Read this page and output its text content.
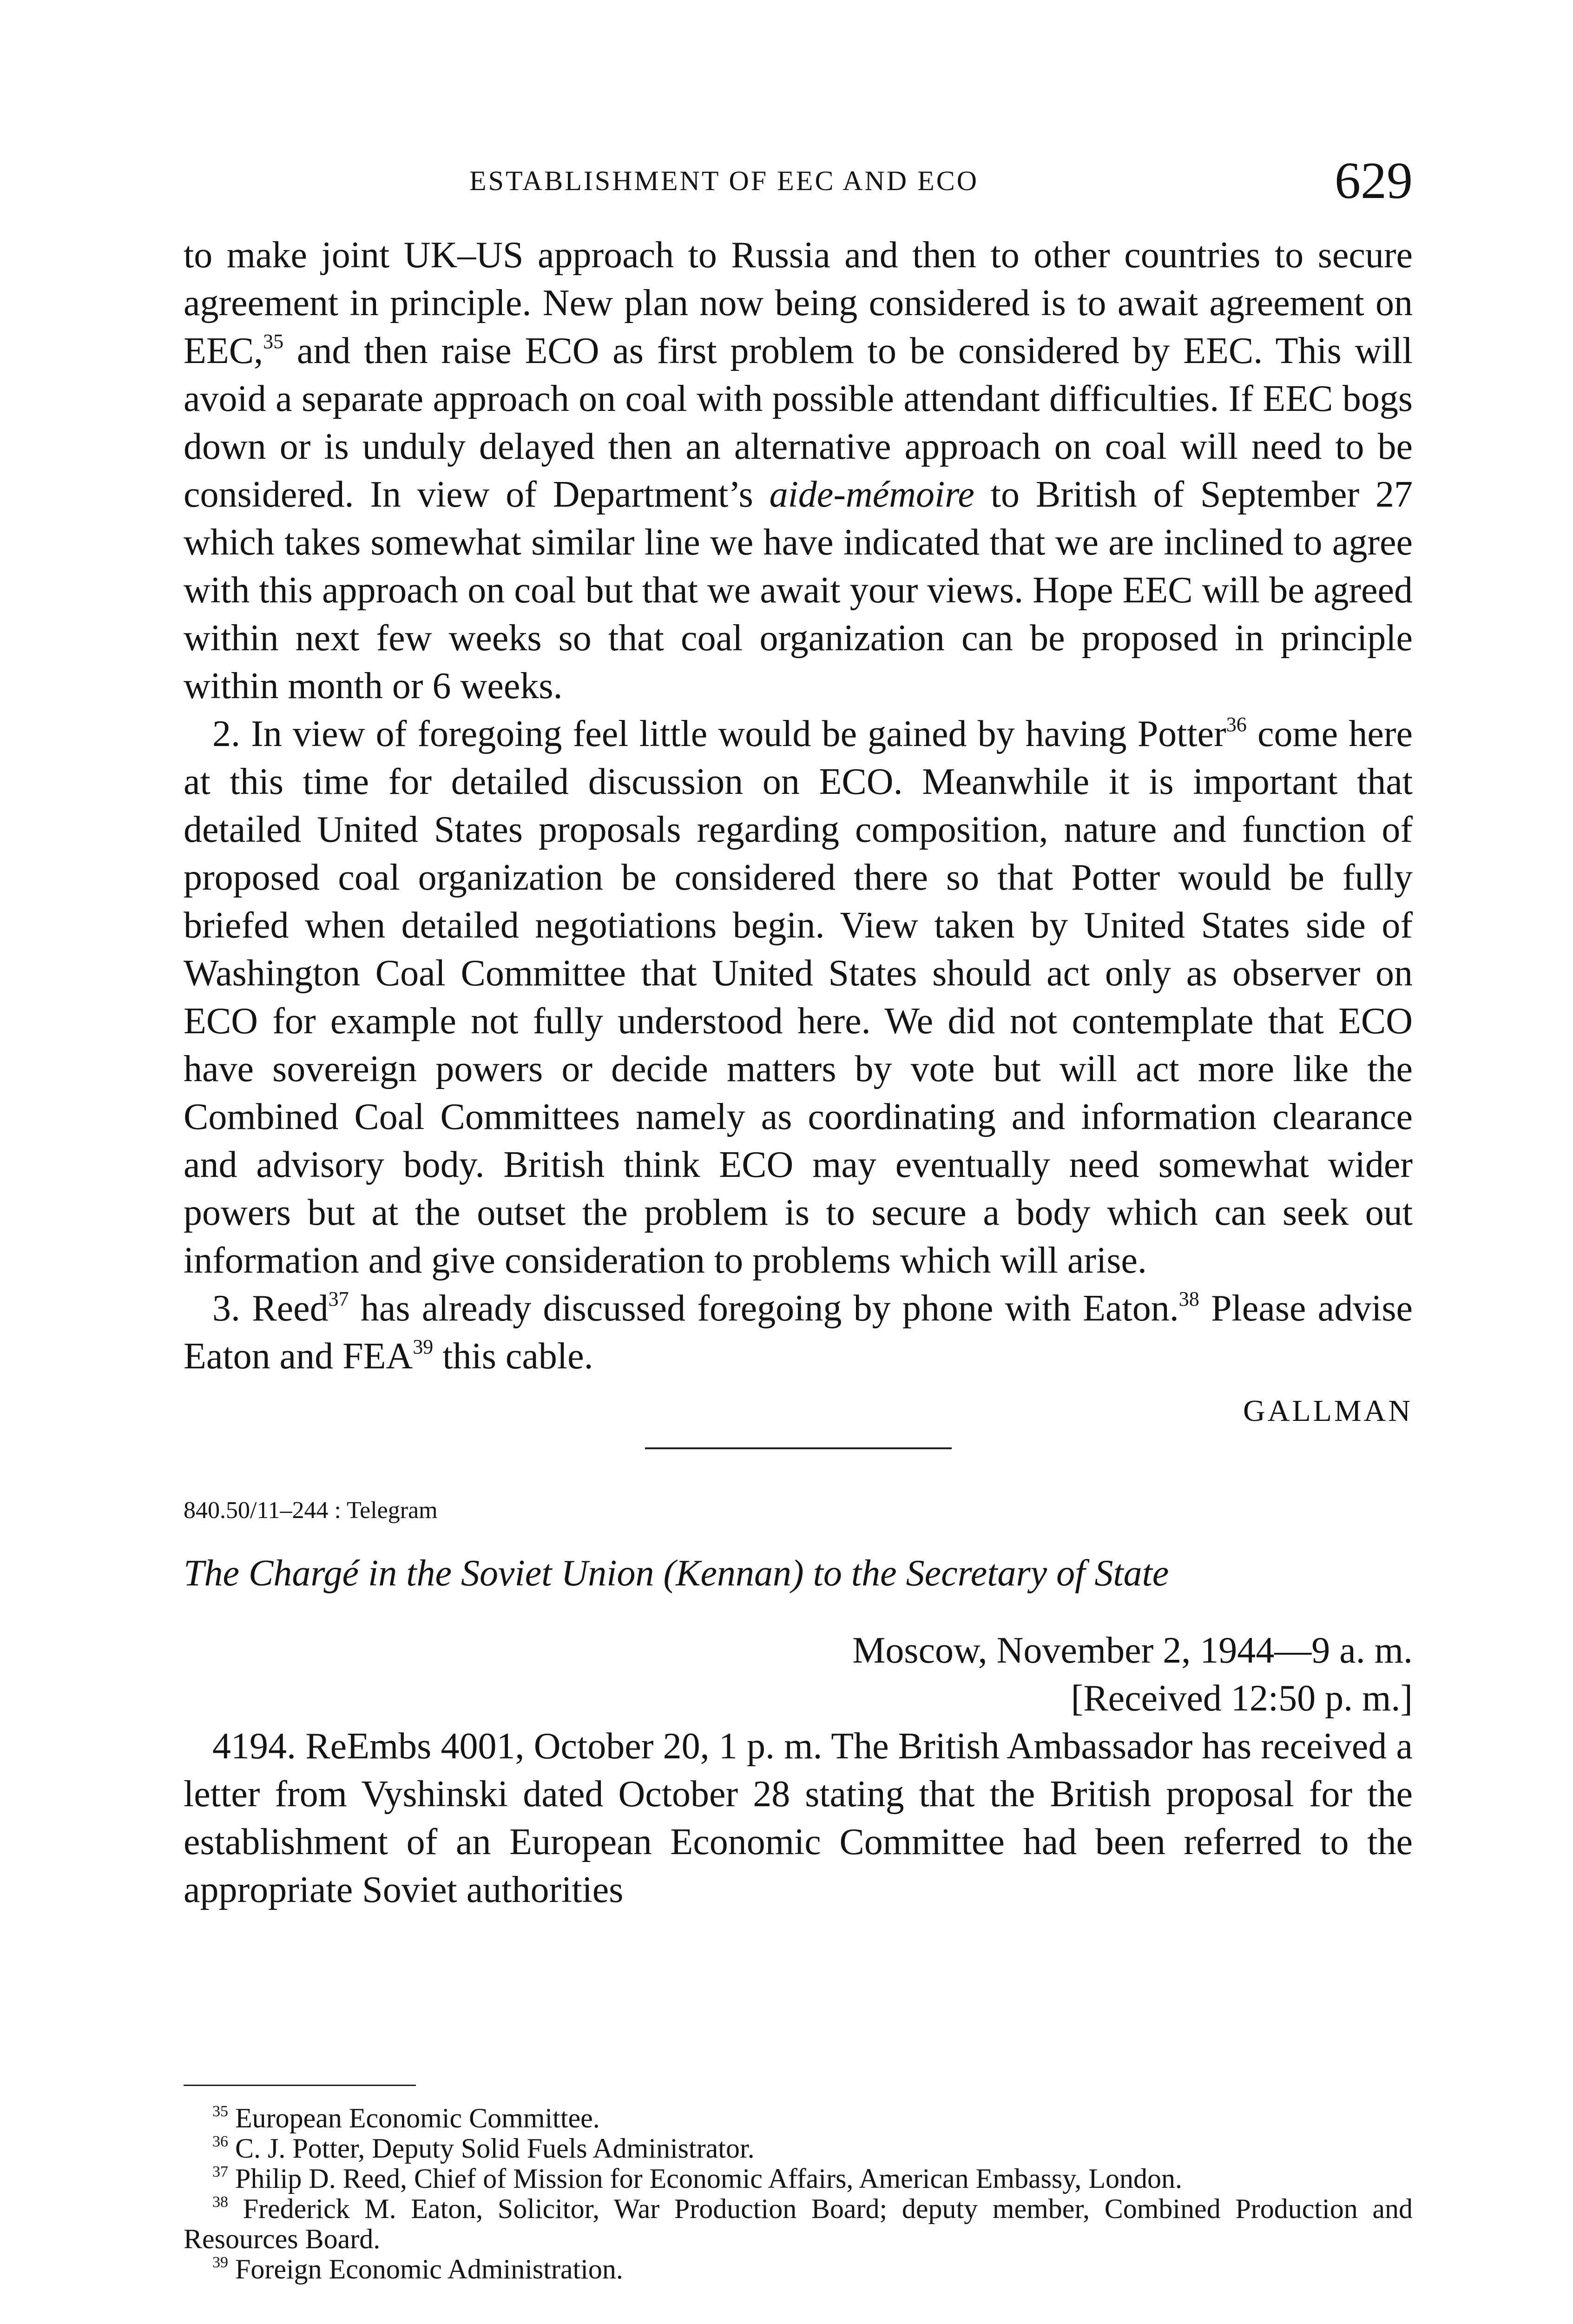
ESTABLISHMENT OF EEC AND ECO	629

to make joint UK–US approach to Russia and then to other countries to secure agreement in principle. New plan now being considered is to await agreement on EEC,$^{35}$ and then raise ECO as first problem to be considered by EEC. This will avoid a separate approach on coal with possible attendant difficulties. If EEC bogs down or is unduly delayed then an alternative approach on coal will need to be considered. In view of Department’s aide-mémoire to British of September 27 which takes somewhat similar line we have indicated that we are inclined to agree with this approach on coal but that we await your views. Hope EEC will be agreed within next few weeks so that coal organization can be proposed in principle within month or 6 weeks.

2. In view of foregoing feel little would be gained by having Potter$^{36}$ come here at this time for detailed discussion on ECO. Meanwhile it is important that detailed United States proposals regarding composition, nature and function of proposed coal organization be considered there so that Potter would be fully briefed when detailed negotiations begin. View taken by United States side of Washington Coal Committee that United States should act only as observer on ECO for example not fully understood here. We did not contemplate that ECO have sovereign powers or decide matters by vote but will act more like the Combined Coal Committees namely as coordinating and information clearance and advisory body. British think ECO may eventually need somewhat wider powers but at the outset the problem is to secure a body which can seek out information and give consideration to problems which will arise.

3. Reed$^{37}$ has already discussed foregoing by phone with Eaton.$^{38}$ Please advise Eaton and FEA$^{39}$ this cable.

GALLMAN
840.50/11–244 : Telegram
The Chargé in the Soviet Union (Kennan) to the Secretary of State
Moscow, November 2, 1944—9 a. m.
[Received 12:50 p. m.]

4194. ReEmbs 4001, October 20, 1 p. m. The British Ambassador has received a letter from Vyshinski dated October 28 stating that the British proposal for the establishment of an European Economic Committee had been referred to the appropriate Soviet authorities

$^{35}$ European Economic Committee.

$^{36}$ C. J. Potter, Deputy Solid Fuels Administrator.

$^{37}$ Philip D. Reed, Chief of Mission for Economic Affairs, American Embassy, London.

$^{38}$ Frederick M. Eaton, Solicitor, War Production Board; deputy member, Combined Production and Resources Board.

$^{39}$ Foreign Economic Administration.
